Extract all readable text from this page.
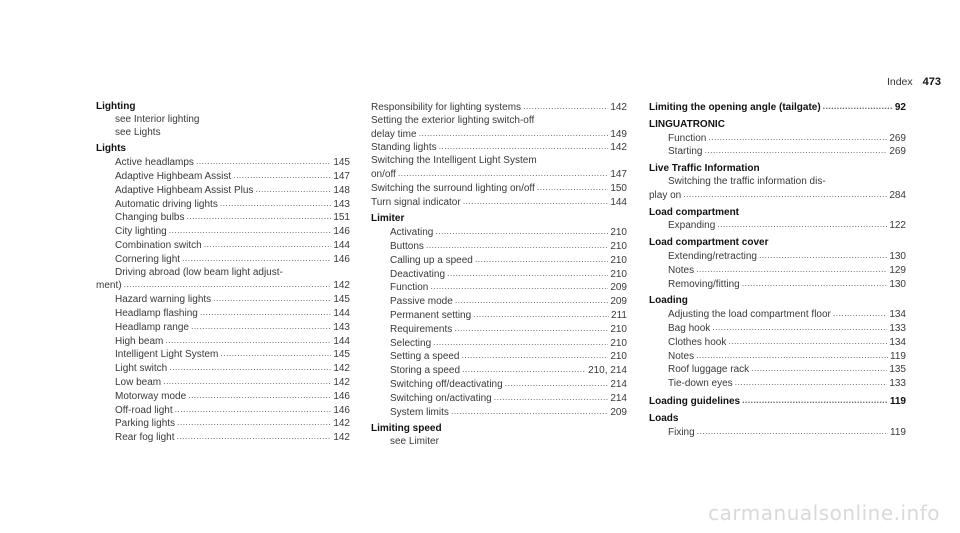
Index 473
Lighting
see Interior lighting
see Lights
Lights
Active headlamps .....	145
Adaptive Highbeam Assist .....	147
Adaptive Highbeam Assist Plus .....	148
Automatic driving lights .....	143
Changing bulbs .....	151
City lighting .....	146
Combination switch .....	144
Cornering light .....	146
Driving abroad (low beam light adjust-
ment) .....	142
Hazard warning lights .....	145
Headlamp flashing .....	144
Headlamp range .....	143
High beam .....	144
Intelligent Light System .....	145
Light switch .....	142
Low beam .....	142
Motorway mode .....	146
Off-road light .....	146
Parking lights .....	142
Rear fog light .....	142
Responsibility for lighting systems .....	142
Setting the exterior lighting switch-off
delay time .....	149
Standing lights .....	142
Switching the Intelligent Light System
on/off .....	147
Switching the surround lighting on/off .....	150
Turn signal indicator .....	144
Limiter
Activating .....	210
Buttons .....	210
Calling up a speed .....	210
Deactivating .....	210
Function .....	209
Passive mode .....	209
Permanent setting .....	211
Requirements .....	210
Selecting .....	210
Setting a speed .....	210
Storing a speed .....	210, 214
Switching off/deactivating .....	214
Switching on/activating .....	214
System limits .....	209
Limiting speed
see Limiter
Limiting the opening angle (tailgate) .....	92
LINGUATRONIC
Function .....	269
Starting .....	269
Live Traffic Information
Switching the traffic information dis-
play on .....	284
Load compartment
Expanding .....	122
Load compartment cover
Extending/retracting .....	130
Notes .....	129
Removing/fitting .....	130
Loading
Adjusting the load compartment floor .....	134
Bag hook .....	133
Clothes hook .....	134
Notes .....	119
Roof luggage rack .....	135
Tie-down eyes .....	133
Loading guidelines .....	119
Loads
Fixing .....	119
carmanualsonline.info
